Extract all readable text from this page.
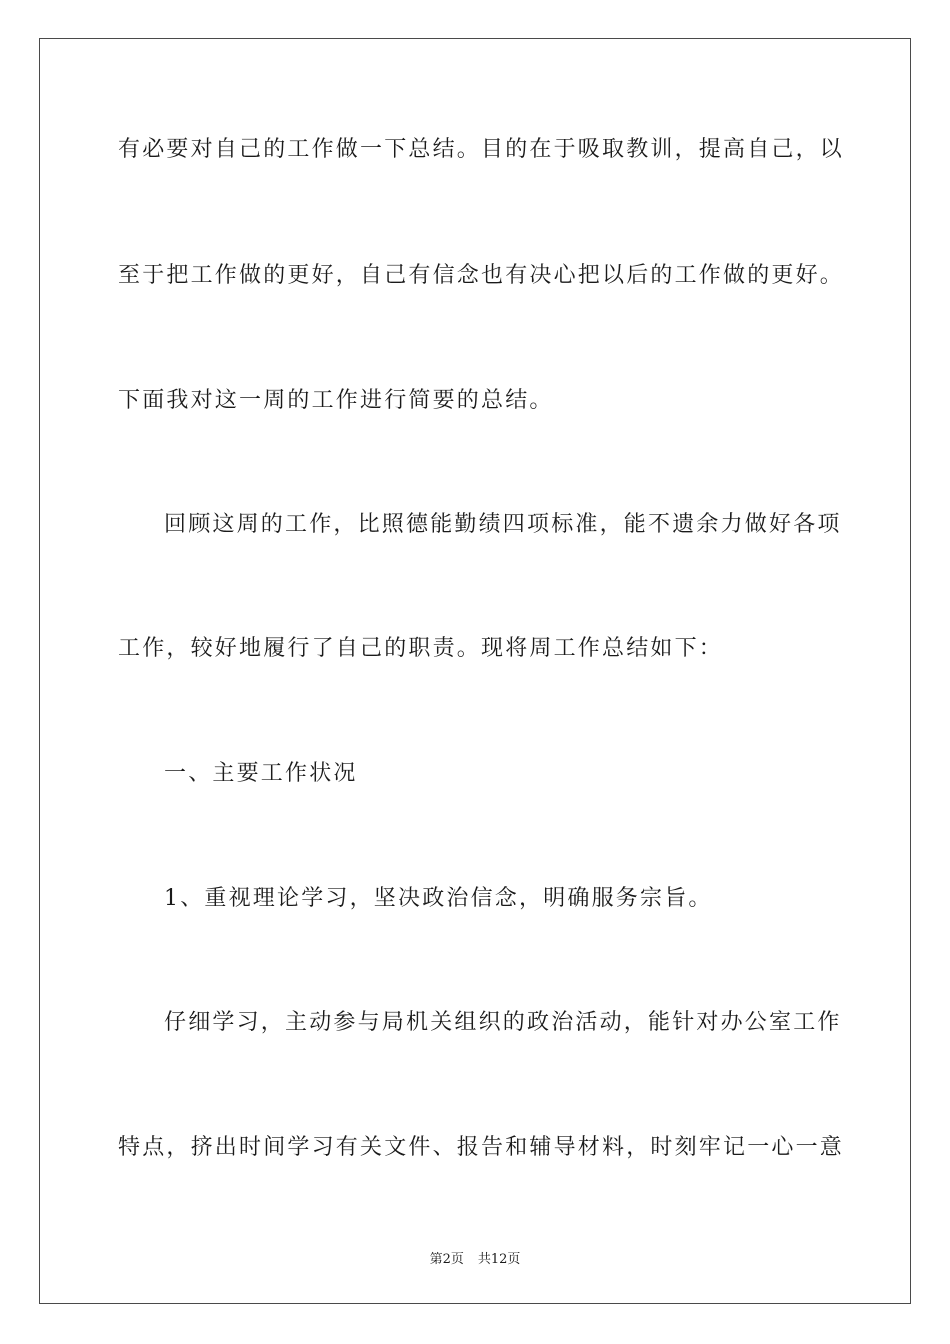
有必要对自己的工作做一下总结。目的在于吸取教训，提高自己，以
至于把工作做的更好，自己有信念也有决心把以后的工作做的更好。
下面我对这一周的工作进行简要的总结。
回顾这周的工作，比照德能勤绩四项标准，能不遗余力做好各项
工作，较好地履行了自己的职责。现将周工作总结如下：
一、主要工作状况
1、重视理论学习，坚决政治信念，明确服务宗旨。
仔细学习，主动参与局机关组织的政治活动，能针对办公室工作
特点，挤出时间学习有关文件、报告和辅导材料，时刻牢记一心一意
第2页 共12页
